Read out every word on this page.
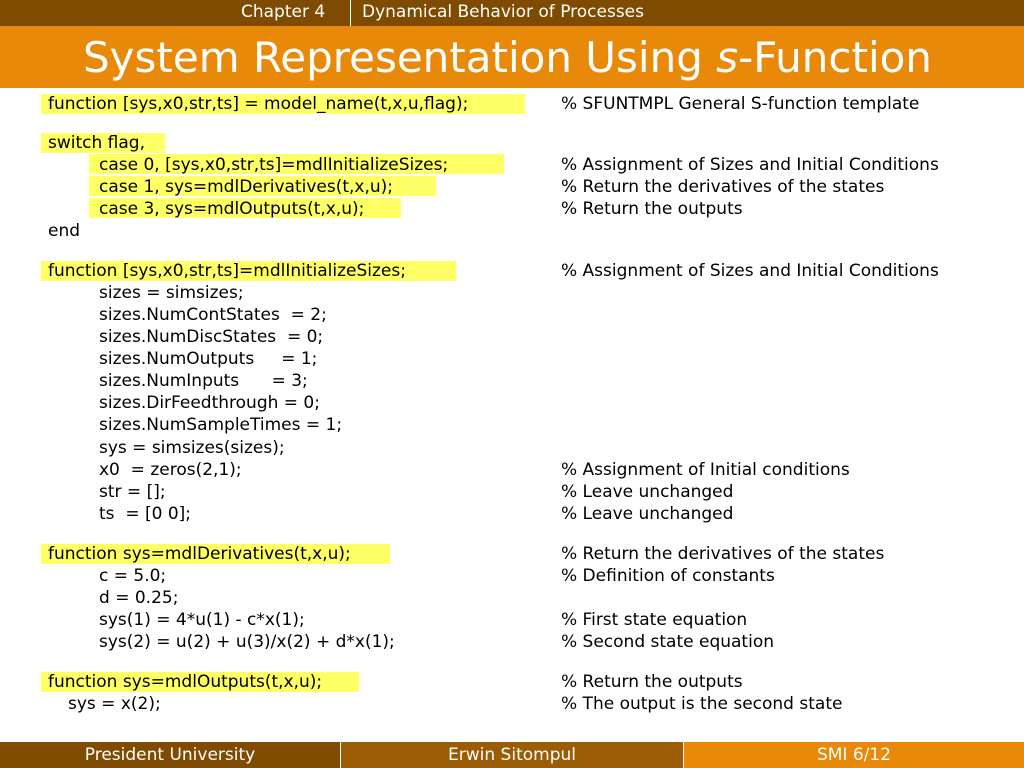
Chapter 4 Dynamical Behavior of Processes
System Representation Using s-Function
function [sys,x0,str,ts] = model_name(t,x,u,flag);	% SFUNTMPL General S-function template
switch flag,
case 0, [sys,x0,str,ts]=mdlInitializeSizes;	% Assignment of Sizes and Initial Conditions
case 1, sys=mdlDerivatives(t,x,u);	% Return the derivatives of the states
case 3, sys=mdlOutputs(t,x,u);	% Return the outputs
end
function [sys,x0,str,ts]=mdlInitializeSizes;	% Assignment of Sizes and Initial Conditions
sizes = simsizes;
sizes.NumContStates  = 2;
sizes.NumDiscStates  = 0;
sizes.NumOutputs     = 1;
sizes.NumInputs      = 3;
sizes.DirFeedthrough = 0;
sizes.NumSampleTimes = 1;
sys = simsizes(sizes);
x0  = zeros(2,1);	% Assignment of Initial conditions
str = [];	% Leave unchanged
ts  = [0 0];	% Leave unchanged
function sys=mdlDerivatives(t,x,u);	% Return the derivatives of the states
c = 5.0;	% Definition of constants
d = 0.25;
sys(1) = 4*u(1) - c*x(1);	% First state equation
sys(2) = u(2) + u(3)/x(2) + d*x(1);	% Second state equation
function sys=mdlOutputs(t,x,u);	% Return the outputs
sys = x(2);	% The output is the second state
President University	Erwin Sitompul	SMI 6/12
